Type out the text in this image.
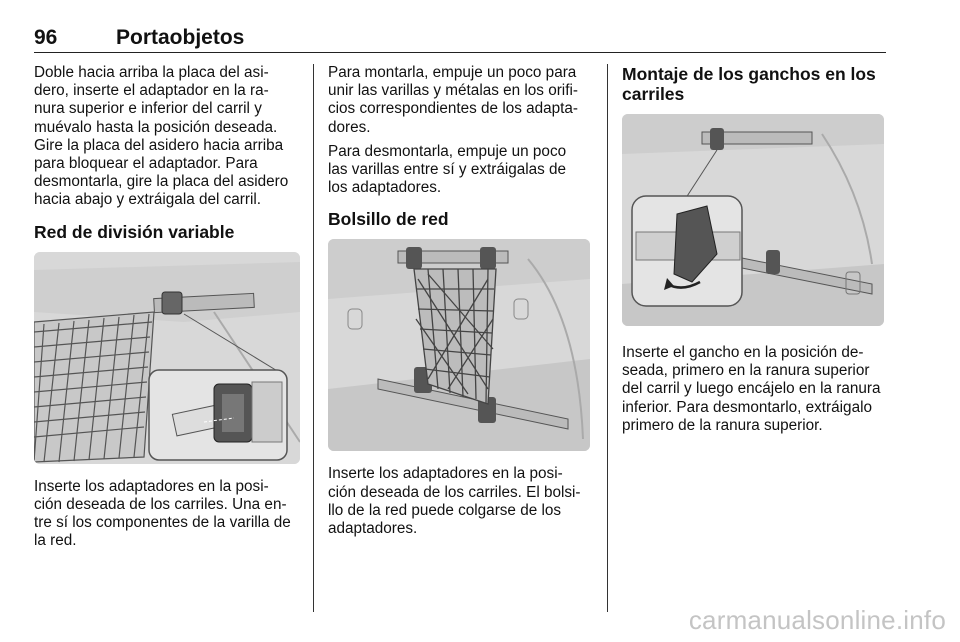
96	Portaobjetos

Doble hacia arriba la placa del asi-
dero, inserte el adaptador en la ra-
nura superior e inferior del carril y
muévalo hasta la posición deseada.
Gire la placa del asidero hacia arriba
para bloquear el adaptador. Para
desmontarla, gire la placa del asidero
hacia abajo y extráigala del carril.

Red de división variable

Inserte los adaptadores en la posi-
ción deseada de los carriles. Una en-
tre sí los componentes de la varilla de
la red.

Para montarla, empuje un poco para
unir las varillas y métalas en los orifi-
cios correspondientes de los adapta-
dores.

Para desmontarla, empuje un poco
las varillas entre sí y extráigalas de
los adaptadores.

Bolsillo de red

Inserte los adaptadores en la posi-
ción deseada de los carriles. El bolsi-
llo de la red puede colgarse de los
adaptadores.

Montaje de los ganchos en los
carriles

Inserte el gancho en la posición de-
seada, primero en la ranura superior
del carril y luego encájelo en la ranura
inferior. Para desmontarlo, extráigalo
primero de la ranura superior.

carmanualsonline.info
